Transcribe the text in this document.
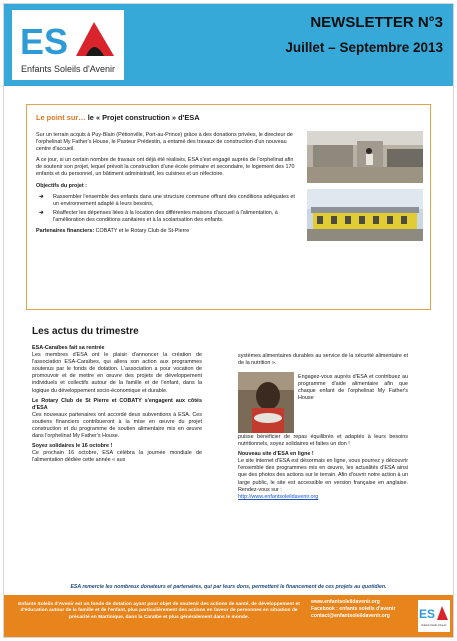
ES
Enfants Soleils d'Avenir
NEWSLETTER N°3
Juillet – Septembre 2013
Le point sur… le « Projet construction » d'ESA

Sur un terrain acquis à Puy-Blain (Pétionville, Port-au-Prince) grâce à des donations privées, le directeur de l'orphelinat My Father's House, le Pasteur Prédestin, a entamé des travaux de construction d'un nouveau centre d'accueil.

A ce jour, si un certain nombre de travaux ont déjà été réalisés, ESA s'est engagé auprès de l'orphelinat afin de soutenir son projet, lequel prévoit la construction d'une école primaire et secondaire, le logement des 170 enfants et du personnel, un bâtiment administratif, les cuisines et un réfectoire.

Objectifs du projet :

➔ Rassembler l'ensemble des enfants dans une structure commune offrant des conditions adéquates et un environnement adapté à leurs besoins,
➔ Réaffecter les dépenses liées à la location des différentes maisons d'accueil à l'alimentation, à l'amélioration des conditions sanitaires et à la scolarisation des enfants.

Partenaires financiers: COBATY et le Rotary Club de St-Pierre

Les actus du trimestre

ESA-Caraïbes fait sa rentrée

Les membres d'ESA ont le plaisir d'annoncer la création de l'association ESA-Caraïbes, qui allera son action aux programmes soutenus par le fonds de dotation. L'association a pour vocation de promouvoir et de mettre en œuvre des projets de développement individuels et collectifs autour de la famille et de l'enfant, dans la logique du développement socio-économique et durable.

Le Rotary Club de St Pierre et COBATY s'engagent aux côtés d'ESA

Ces nouveaux partenaires ont accordé deux subventions à ESA. Ces soutiens financiers contribueront à la mise en œuvre du projet construction et du programme de soutien alimentaire mis en œuvre dans l'orphelinat My Father's House.

Soyez solidaires le 16 octobre !

Ce prochain 16 octobre, ESA célèbra la journée mondiale de l'alimentation dédiée cette année « aux

systèmes alimentaires durables au service de la sécurité alimentaire et de la nutrition ».

Engagez-vous auprès d'ESA et contribuez au programme d'aide alimentaire afin que chaque enfant de l'orphelinat My Father's House

puisse bénéficier de repas équilibrés et adaptés à leurs besoins nutritionnels, soyez solidaires et faites un don !

Nouveau site d'ESA en ligne !

Le site internet d'ESA est désormais en ligne, vous pourrez y découvrir l'ensemble des programmes mis en œuvre, les actualités d'ESA ainsi que des photos des actions sur le terrain. Afin d'ouvrir notre action à un large public, le site est accessible en version française en anglaise. Rendez-vous sur :

http://www.enfantsoleildavenir.org

ESA remercie les nombreux donateurs et partenaires, qui par leurs dons, permettent le financement de ces projets au quotidien.
Enfants Soleils d'Avenir est un fonds de dotation ayant pour objet de soutenir des actions de santé, de développement et d'éducation autour de la famille et de l'enfant, plus particulièrement des actions en faveur de personnes en situation de précarité en Martinique, dans la Caraïbe et plus généralement dans le monde.
www.enfantsoleildavenir.org
Facebook : enfants soleils d'avenir
contact@enfantsoleildavenir.org	ES
Enfants Soleils d'Avenir
